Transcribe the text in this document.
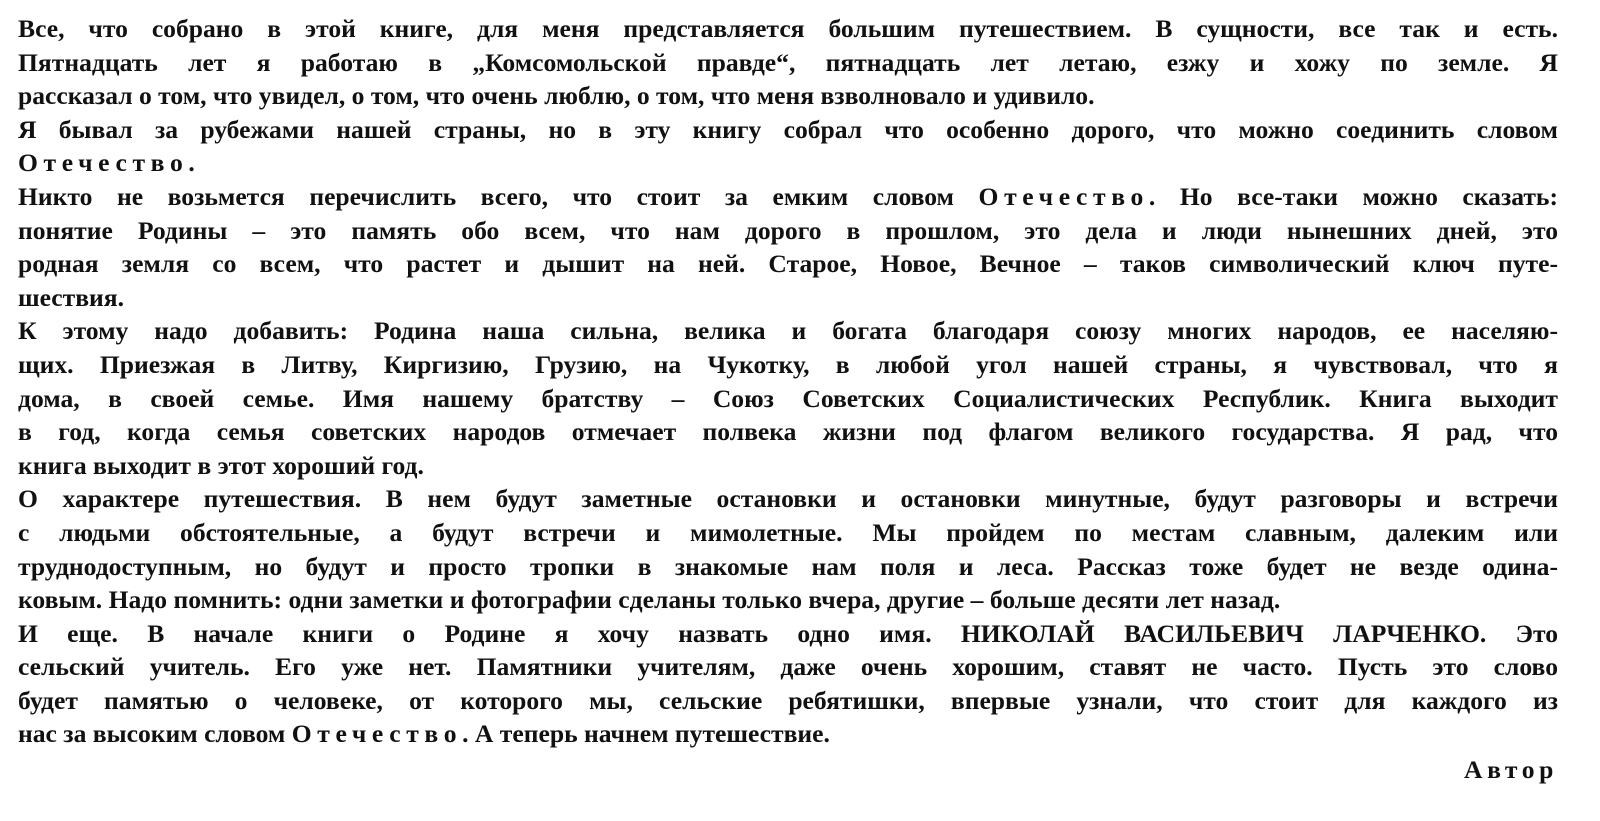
Все, что собрано в этой книге, для меня представляется большим путешествием. В сущности, все так и есть.
Пятнадцать лет я работаю в „Комсомольской правде“, пятнадцать лет летаю, езжу и хожу по земле. Я
рассказал о том, что увидел, о том, что очень люблю, о том, что меня взволновало и удивило.
Я бывал за рубежами нашей страны, но в эту книгу собрал что особенно дорого, что можно соединить словом
Отечество.
Никто не возьмется перечислить всего, что стоит за емким словом Отечество. Но все-таки можно сказать:
понятие Родины – это память обо всем, что нам дорого в прошлом, это дела и люди нынешних дней, это
родная земля со всем, что растет и дышит на ней. Старое, Новое, Вечное – таков символический ключ путе-
шествия.
К этому надо добавить: Родина наша сильна, велика и богата благодаря союзу многих народов, ее населяю-
щих. Приезжая в Литву, Киргизию, Грузию, на Чукотку, в любой угол нашей страны, я чувствовал, что я
дома, в своей семье. Имя нашему братству – Союз Советских Социалистических Республик. Книга выходит
в год, когда семья советских народов отмечает полвека жизни под флагом великого государства. Я рад, что
книга выходит в этот хороший год.
О характере путешествия. В нем будут заметные остановки и остановки минутные, будут разговоры и встречи
с людьми обстоятельные, а будут встречи и мимолетные. Мы пройдем по местам славным, далеким или
труднодоступным, но будут и просто тропки в знакомые нам поля и леса. Рассказ тоже будет не везде одина-
ковым. Надо помнить: одни заметки и фотографии сделаны только вчера, другие – больше десяти лет назад.
И еще. В начале книги о Родине я хочу назвать одно имя. НИКОЛАЙ ВАСИЛЬЕВИЧ ЛАРЧЕНКО. Это
сельский учитель. Его уже нет. Памятники учителям, даже очень хорошим, ставят не часто. Пусть это слово
будет памятью о человеке, от которого мы, сельские ребятишки, впервые узнали, что стоит для каждого из
нас за высоким словом Отечество. А теперь начнем путешествие.
Автор
